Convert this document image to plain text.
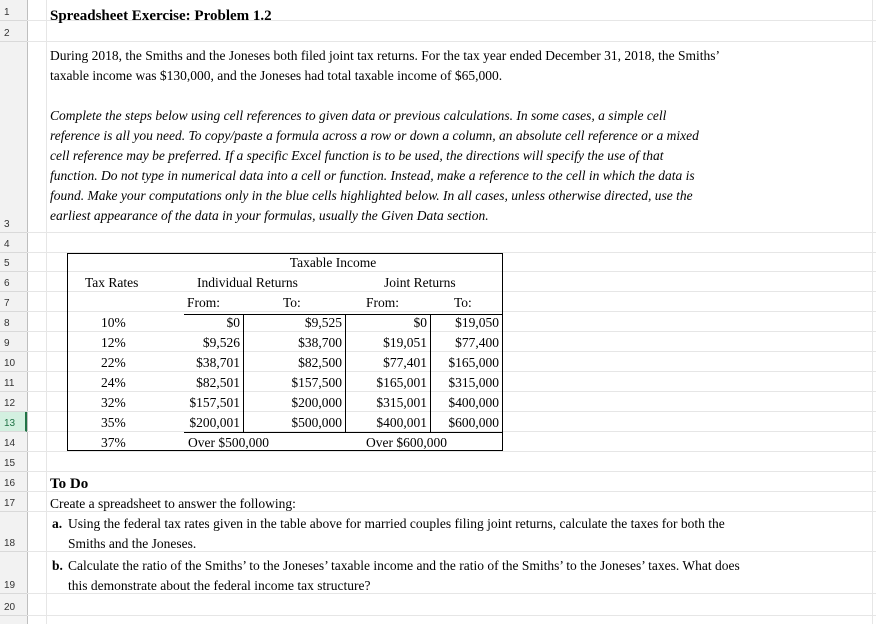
1
2
3
4
5
6
7
8
9
10
11
12
13
14
15
16
17
18
19
20
Spreadsheet Exercise: Problem 1.2
During 2018, the Smiths and the Joneses both filed joint tax returns. For the tax year ended December 31, 2018, the Smiths’
taxable income was $130,000, and the Joneses had total taxable income of $65,000.
Complete the steps below using cell references to given data or previous calculations. In some cases, a simple cell
reference is all you need. To copy/paste a formula across a row or down a column, an absolute cell reference or a mixed
cell reference may be preferred. If a specific Excel function is to be used, the directions will specify the use of that
function. Do not type in numerical data into a cell or function. Instead, make a reference to the cell in which the data is
found. Make your computations only in the blue cells highlighted below. In all cases, unless otherwise directed, use the
earliest appearance of the data in your formulas, usually the Given Data section.
Taxable Income
Tax Rates	Individual Returns	Joint Returns
From:	To:	From:	To:
10%	$0	$9,525	$0	$19,050
12%	$9,526	$38,700	$19,051	$77,400
22%	$38,701	$82,500	$77,401	$165,000
24%	$82,501	$157,500	$165,001	$315,000
32%	$157,501	$200,000	$315,001	$400,000
35%	$200,001	$500,000	$400,001	$600,000
37%	Over $500,000	Over $600,000
To Do
Create a spreadsheet to answer the following:
a. Using the federal tax rates given in the table above for married couples filing joint returns, calculate the taxes for both the
Smiths and the Joneses.
b. Calculate the ratio of the Smiths’ to the Joneses’ taxable income and the ratio of the Smiths’ to the Joneses’ taxes. What does
this demonstrate about the federal income tax structure?
